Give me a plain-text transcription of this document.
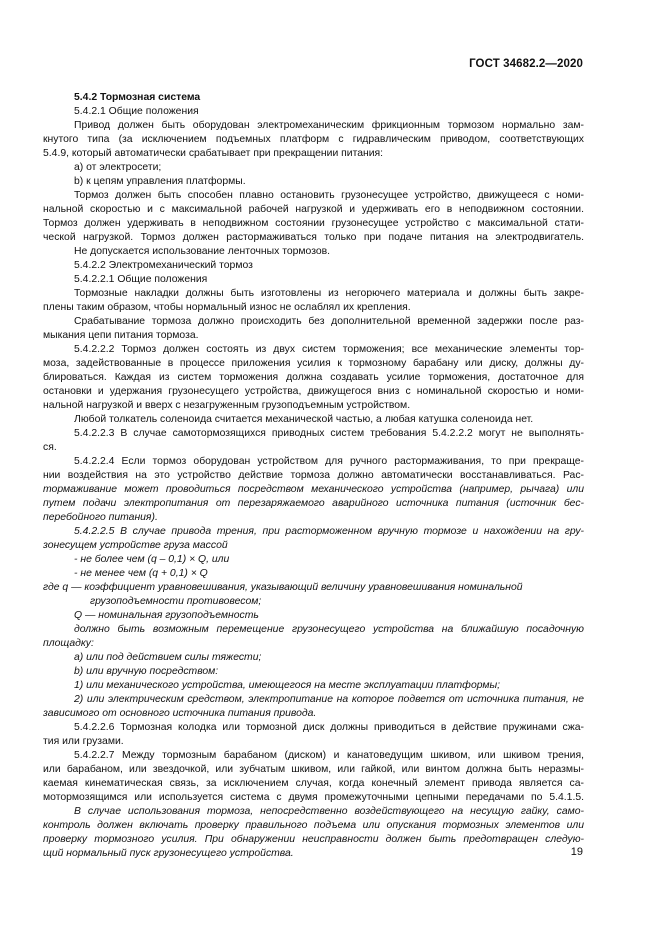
ГОСТ 34682.2—2020
5.4.2 Тормозная система
5.4.2.1 Общие положения
Привод должен быть оборудован электромеханическим фрикционным тормозом нормально зам-
кнутого типа (за исключением подъемных платформ с гидравлическим приводом, соответствующих
5.4.9, который автоматически срабатывает при прекращении питания:
а) от электросети;
b) к цепям управления платформы.
Тормоз должен быть способен плавно остановить грузонесущее устройство, движущееся с номи-
нальной скоростью и с максимальной рабочей нагрузкой и удерживать его в неподвижном состоянии.
Тормоз должен удерживать в неподвижном состоянии грузонесущее устройство с максимальной стати-
ческой нагрузкой. Тормоз должен растормаживаться только при подаче питания на электродвигатель.
Не допускается использование ленточных тормозов.
5.4.2.2 Электромеханический тормоз
5.4.2.2.1 Общие положения
Тормозные накладки должны быть изготовлены из негорючего материала и должны быть закре-
плены таким образом, чтобы нормальный износ не ослаблял их крепления.
Срабатывание тормоза должно происходить без дополнительной временной задержки после раз-
мыкания цепи питания тормоза.
5.4.2.2.2 Тормоз должен состоять из двух систем торможения; все механические элементы тор-
моза, задействованные в процессе приложения усилия к тормозному барабану или диску, должны ду-
блироваться. Каждая из систем торможения должна создавать усилие торможения, достаточное для
остановки и удержания грузонесущего устройства, движущегося вниз с номинальной скоростью и номи-
нальной нагрузкой и вверх с незагруженным грузоподъемным устройством.
Любой толкатель соленоида считается механической частью, а любая катушка соленоида нет.
5.4.2.2.3 В случае самотормозящихся приводных систем требования 5.4.2.2.2 могут не выполнять-
ся.
5.4.2.2.4 Если тормоз оборудован устройством для ручного растормаживания, то при прекраще-
нии воздействия на это устройство действие тормоза должно автоматически восстанавливаться. Рас-
тормаживание может проводиться посредством механического устройства (например, рычага) или
путем подачи электропитания от перезаряжаемого аварийного источника питания (источник бес-
перебойного питания).
5.4.2.2.5 В случае привода трения, при расторможенном вручную тормозе и нахождении на гру-
зонесущем устройстве груза массой
- не более чем (q – 0,1) × Q, или
- не менее чем (q + 0,1) × Q
где q — коэффициент уравновешивания, указывающий величину уравновешивания номинальной
грузоподъемности противовесом;
Q — номинальная грузоподъемность
должно быть возможным перемещение грузонесущего устройства на ближайшую посадочную
площадку:
а) или под действием силы тяжести;
b) или вручную посредством:
1) или механического устройства, имеющегося на месте эксплуатации платформы;
2) или электрическим средством, электропитание на которое подвется от источника питания, не
зависимого от основного источника питания привода.
5.4.2.2.6 Тормозная колодка или тормозной диск должны приводиться в действие пружинами сжа-
тия или грузами.
5.4.2.2.7 Между тормозным барабаном (диском) и канатоведущим шкивом, или шкивом трения,
или барабаном, или звездочкой, или зубчатым шкивом, или гайкой, или винтом должна быть неразмы-
каемая кинематическая связь, за исключением случая, когда конечный элемент привода является са-
мотормозящимся или используется система с двумя промежуточными цепными передачами по 5.4.1.5.
В случае использования тормоза, непосредственно воздействующего на несущую гайку, само-
контроль должен включать проверку правильного подъема или опускания тормозных элементов или
проверку тормозного усилия. При обнаружении неисправности должен быть предотвращен следую-
щий нормальный пуск грузонесущего устройства.	19
